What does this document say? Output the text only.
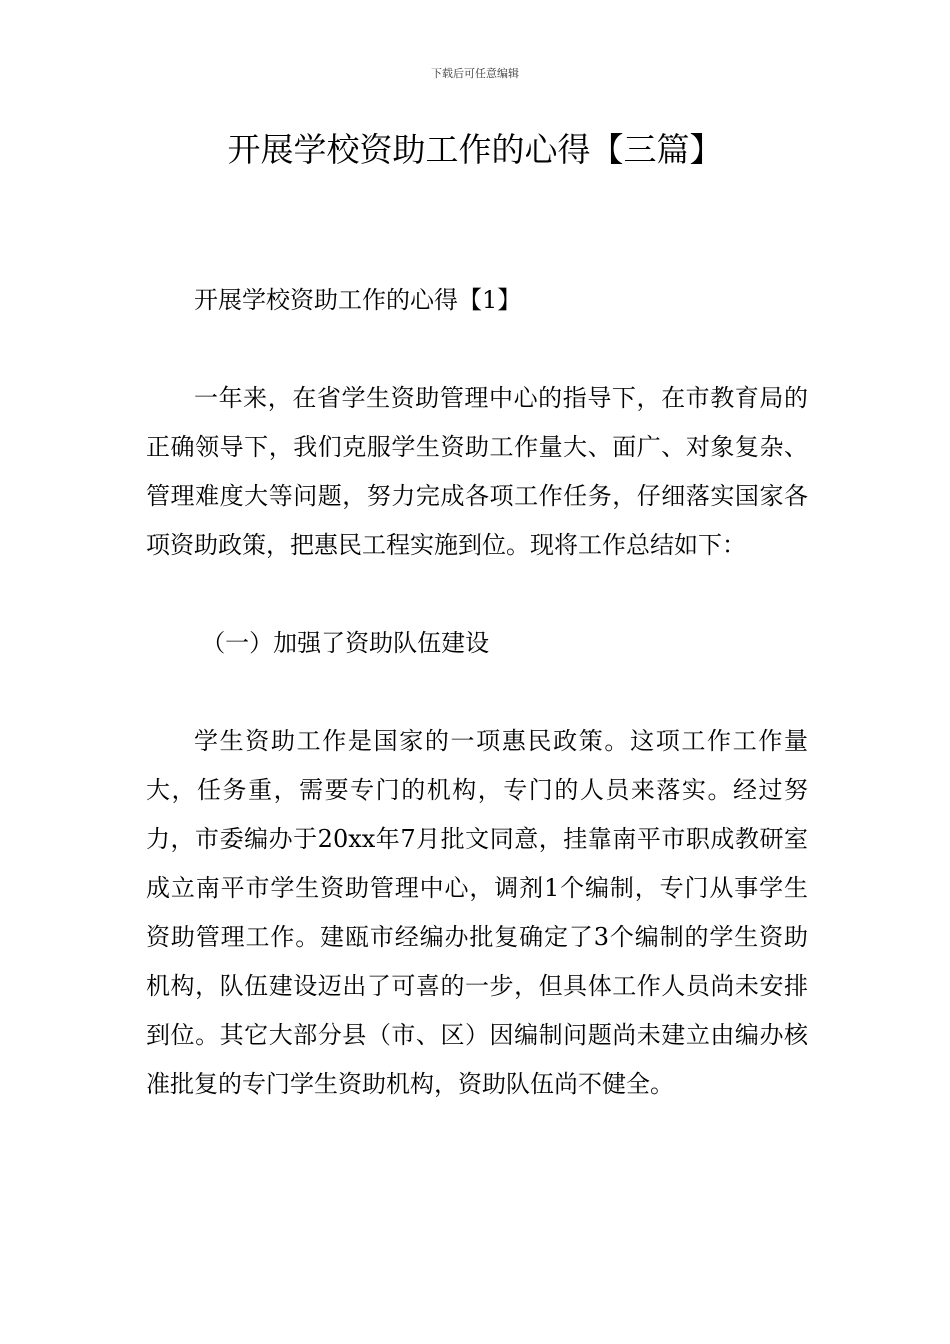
下载后可任意编辑
开展学校资助工作的心得【三篇】

开展学校资助工作的心得【1】

一年来，在省学生资助管理中心的指导下，在市教育局的正确领导下，我们克服学生资助工作量大、面广、对象复杂、管理难度大等问题，努力完成各项工作任务，仔细落实国家各项资助政策，把惠民工程实施到位。现将工作总结如下：

（一）加强了资助队伍建设

学生资助工作是国家的一项惠民政策。这项工作工作量大，任务重，需要专门的机构，专门的人员来落实。经过努力，市委编办于20xx年7月批文同意，挂靠南平市职成教研室成立南平市学生资助管理中心，调剂1个编制，专门从事学生资助管理工作。建瓯市经编办批复确定了3个编制的学生资助机构，队伍建设迈出了可喜的一步，但具体工作人员尚未安排到位。其它大部分县（市、区）因编制问题尚未建立由编办核准批复的专门学生资助机构，资助队伍尚不健全。
